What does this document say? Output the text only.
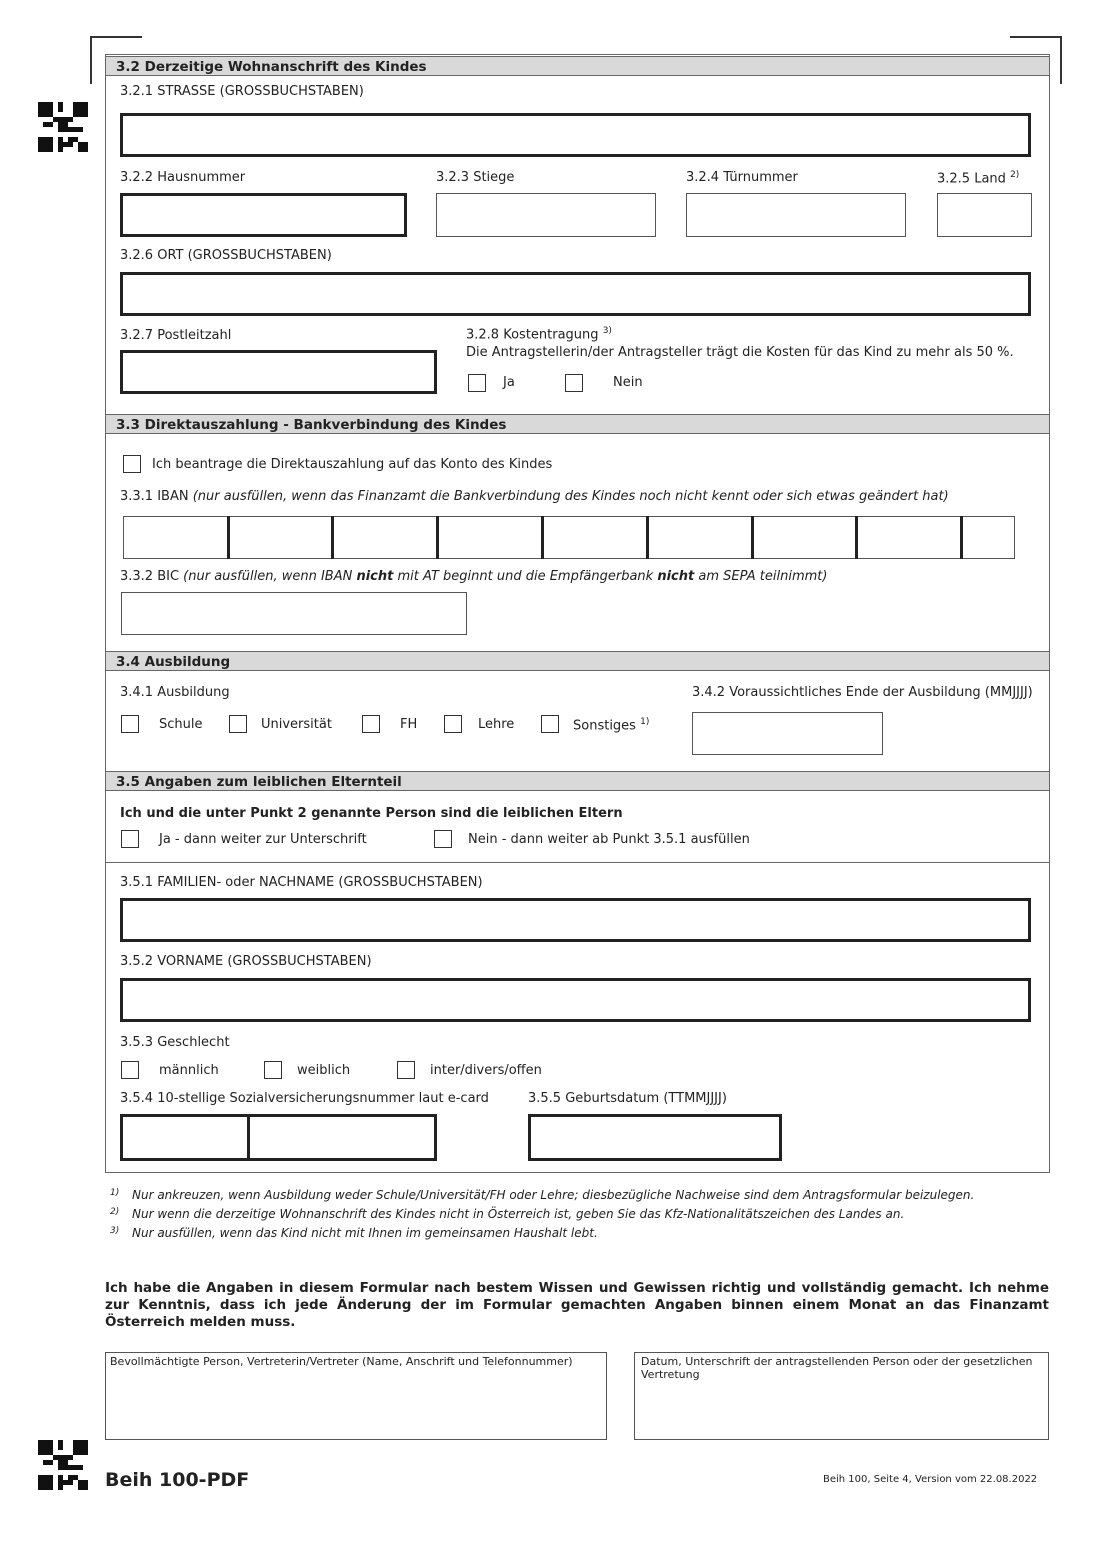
3.2 Derzeitige Wohnanschrift des Kindes
3.2.1 STRASSE (GROSSBUCHSTABEN)
3.2.2 Hausnummer	3.2.3 Stiege	3.2.4 Türnummer	3.2.5 Land $^{2)}$
3.2.6 ORT (GROSSBUCHSTABEN)
3.2.7 Postleitzahl	3.2.8 Kostentragung $^{3)}$
Die Antragstellerin/der Antragsteller trägt die Kosten für das Kind zu mehr als 50 %.
Ja	Nein
3.3 Direktauszahlung - Bankverbindung des Kindes
Ich beantrage die Direktauszahlung auf das Konto des Kindes
3.3.1 IBAN (nur ausfüllen, wenn das Finanzamt die Bankverbindung des Kindes noch nicht kennt oder sich etwas geändert hat)
3.3.2 BIC (nur ausfüllen, wenn IBAN nicht mit AT beginnt und die Empfängerbank nicht am SEPA teilnimmt)
3.4 Ausbildung
3.4.1 Ausbildung	3.4.2 Voraussichtliches Ende der Ausbildung (MMJJJJ)
Schule	Universität	FH	Lehre	Sonstiges $^{1)}$
3.5 Angaben zum leiblichen Elternteil
Ich und die unter Punkt 2 genannte Person sind die leiblichen Eltern
Ja - dann weiter zur Unterschrift	Nein - dann weiter ab Punkt 3.5.1 ausfüllen
3.5.1 FAMILIEN- oder NACHNAME (GROSSBUCHSTABEN)
3.5.2 VORNAME (GROSSBUCHSTABEN)
3.5.3 Geschlecht
männlich	weiblich	inter/divers/offen
3.5.4 10-stellige Sozialversicherungsnummer laut e-card	3.5.5 Geburtsdatum (TTMMJJJJ)
1) Nur ankreuzen, wenn Ausbildung weder Schule/Universität/FH oder Lehre; diesbezügliche Nachweise sind dem Antragsformular beizulegen.
2) Nur wenn die derzeitige Wohnanschrift des Kindes nicht in Österreich ist, geben Sie das Kfz-Nationalitätszeichen des Landes an.
3) Nur ausfüllen, wenn das Kind nicht mit Ihnen im gemeinsamen Haushalt lebt.
Ich habe die Angaben in diesem Formular nach bestem Wissen und Gewissen richtig und vollständig gemacht. Ich nehme zur Kenntnis, dass ich jede Änderung der im Formular gemachten Angaben binnen einem Monat an das Finanzamt Österreich melden muss.
Bevollmächtigte Person, Vertreterin/Vertreter (Name, Anschrift und Telefonnummer)	Datum, Unterschrift der antragstellenden Person oder der gesetzlichen Vertretung
Beih 100-PDF	Beih 100, Seite 4, Version vom 22.08.2022
